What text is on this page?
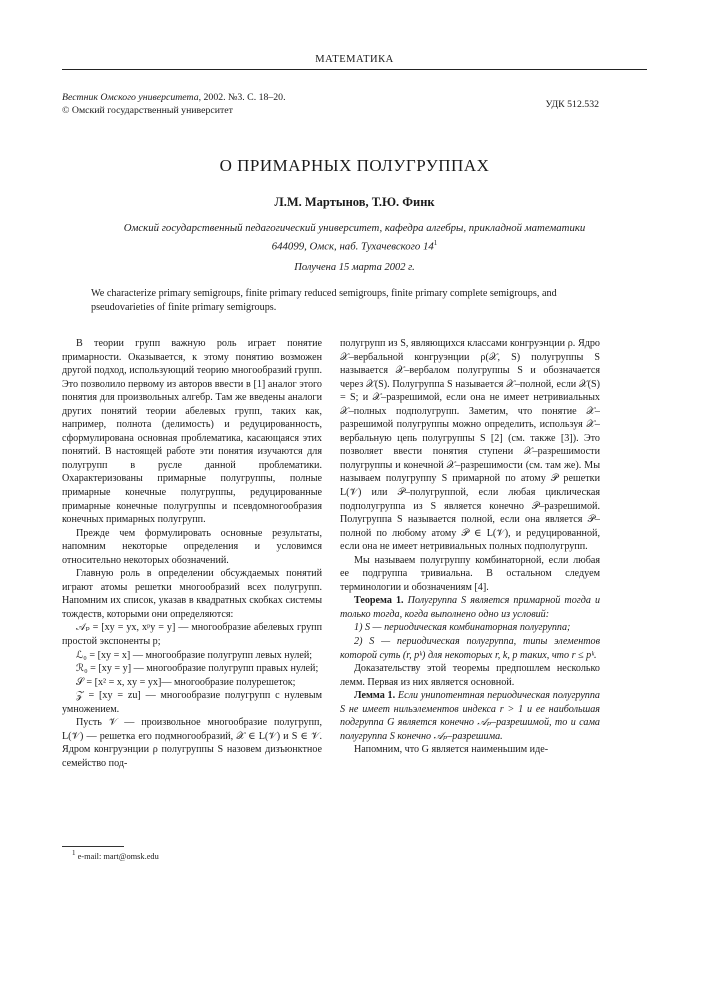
МАТЕМАТИКА
Вестник Омского университета, 2002. №3. С. 18–20.
© Омский государственный университет
УДК 512.532
О ПРИМАРНЫХ ПОЛУГРУППАХ
Л.М. Мартынов, Т.Ю. Финк
Омский государственный педагогический университет, кафедра алгебры, прикладной математики
644099, Омск, наб. Тухачевского $14^1$
Получена 15 марта 2002 г.
We characterize primary semigroups, finite primary reduced semigroups, finite primary complete semigroups, and pseudovarieties of finite primary semigroups.

В теории групп важную роль играет понятие примарности. Оказывается, к этому понятию возможен другой подход, использующий теорию многообразий групп. Это позволило первому из авторов ввести в [1] аналог этого понятия для произвольных алгебр. Там же введены аналоги других понятий теории абелевых групп, таких как, например, полнота (делимость) и редуцированность, сформулирована основная проблематика, касающаяся этих понятий. В настоящей работе эти понятия изучаются для полугрупп в русле данной проблематики. Охарактеризованы примарные полугруппы, полные примарные конечные полугруппы, редуцированные примарные конечные полугруппы и псевдомногообразия конечных примарных полугрупп.

Прежде чем формулировать основные результаты, напомним некоторые определения и условимся относительно некоторых обозначений.

Главную роль в определении обсуждаемых понятий играют атомы решетки многообразий всех полугрупп. Напомним их список, указав в квадратных скобках системы тождеств, которыми они определяются:

𝒜ₚ = [xy = yx, xᵖy = y] — многообразие абелевых групп простой экспоненты p;

ℒ₀ = [xy = x] — многообразие полугрупп левых нулей;

ℛ₀ = [xy = y] — многообразие полугрупп правых нулей;

𝒮 = [x² = x, xy = yx]— многообразие полурешеток;

𝒵 = [xy = zu] — многообразие полугрупп с нулевым умножением.

Пусть 𝒱 — произвольное многообразие полугрупп, L(𝒱) — решетка его подмногообразий, 𝒳 ∈ L(𝒱) и S ∈ 𝒱. Ядром конгруэнции ρ полугруппы S назовем дизъюнктное семейство под-

полугрупп из S, являющихся классами конгруэнции ρ. Ядро 𝒳–вербальной конгруэнции ρ(𝒳, S) полугруппы S называется 𝒳–вербалом полугруппы S и обозначается через 𝒳(S). Полугруппа S называется 𝒳–полной, если 𝒳(S) = S; и 𝒳–разрешимой, если она не имеет нетривиальных 𝒳–полных подполугрупп. Заметим, что понятие 𝒳–разрешимой полугруппы можно определить, используя 𝒳–вербальную цепь полугруппы S [2] (см. также [3]). Это позволяет ввести понятия ступени 𝒳–разрешимости полугруппы и конечной 𝒳–разрешимости (см. там же). Мы называем полугруппу S примарной по атому 𝒫 решетки L(𝒱) или 𝒫–полугруппой, если любая циклическая подполугруппа из S является конечно 𝒫–разрешимой. Полугруппа S называется полной, если она является 𝒫–полной по любому атому 𝒫 ∈ L(𝒱), и редуцированной, если она не имеет нетривиальных полных подполугрупп.

Мы называем полугруппу комбинаторной, если любая ее подгруппа тривиальна. В остальном следуем терминологии и обозначениям [4].

Теорема 1. Полугруппа S является примарной тогда и только тогда, когда выполнено одно из условий:

1) S — периодическая комбинаторная полугруппа;

2) S — периодическая полугруппа, типы элементов которой суть (r, pᵏ) для некоторых r, k, p таких, что r ≤ pᵏ.

Доказательству этой теоремы предпошлем несколько лемм. Первая из них является основной.

Лемма 1. Если унипотентная периодическая полугруппа S не имеет нильэлементов индекса r > 1 и ее наибольшая подгруппа G является конечно 𝒜ₚ–разрешимой, то и сама полугруппа S конечно 𝒜ₚ–разрешима.

Напомним, что G является наименьшим иде-

$^1$ e-mail: mart@omsk.edu
